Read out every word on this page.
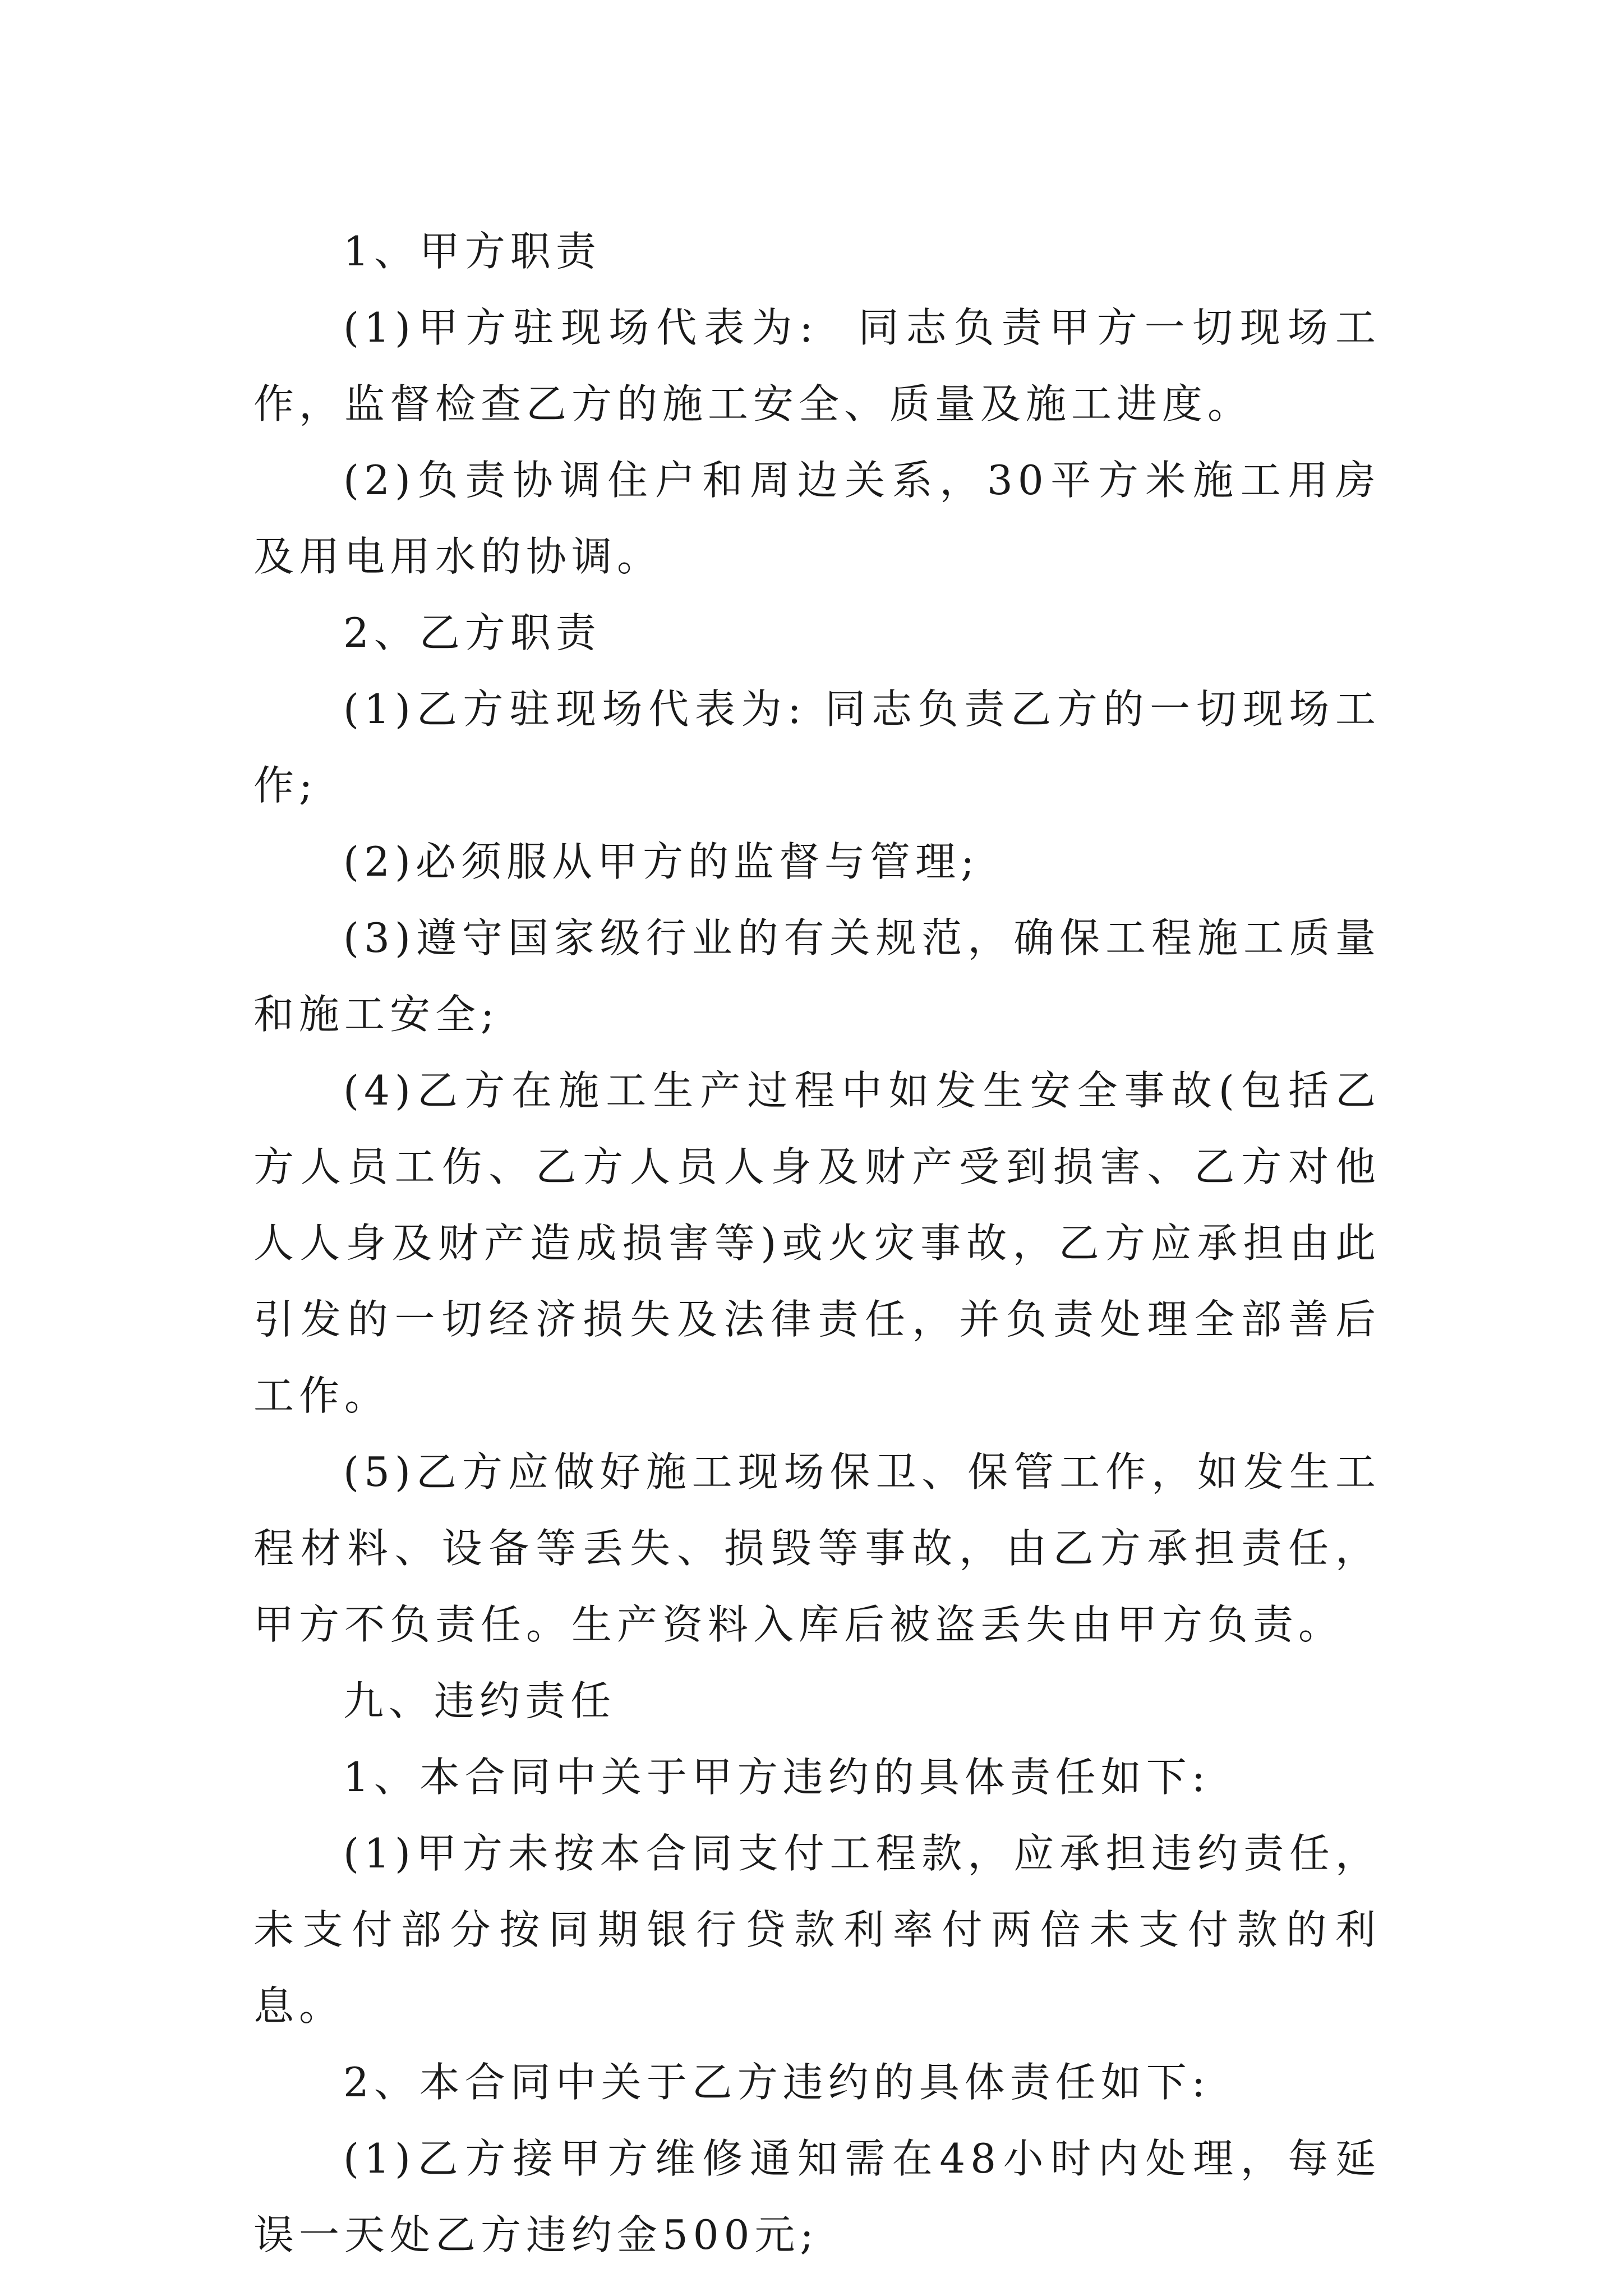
1、甲方职责

(1)甲方驻现场代表为:  同志负责甲方一切现场工作，监督检查乙方的施工安全、质量及施工进度。

(2)负责协调住户和周边关系，30平方米施工用房及用电用水的协调。

2、乙方职责

(1)乙方驻现场代表为: 同志负责乙方的一切现场工作;

(2)必须服从甲方的监督与管理;

(3)遵守国家级行业的有关规范，确保工程施工质量和施工安全;

(4)乙方在施工生产过程中如发生安全事故(包括乙方人员工伤、乙方人员人身及财产受到损害、乙方对他人人身及财产造成损害等)或火灾事故，乙方应承担由此引发的一切经济损失及法律责任，并负责处理全部善后工作。

(5)乙方应做好施工现场保卫、保管工作，如发生工程材料、设备等丢失、损毁等事故，由乙方承担责任，甲方不负责任。生产资料入库后被盗丢失由甲方负责。

九、违约责任

1、本合同中关于甲方违约的具体责任如下:

(1)甲方未按本合同支付工程款，应承担违约责任，未支付部分按同期银行贷款利率付两倍未支付款的利息。

2、本合同中关于乙方违约的具体责任如下:

(1)乙方接甲方维修通知需在48小时内处理，每延误一天处乙方违约金500元;
